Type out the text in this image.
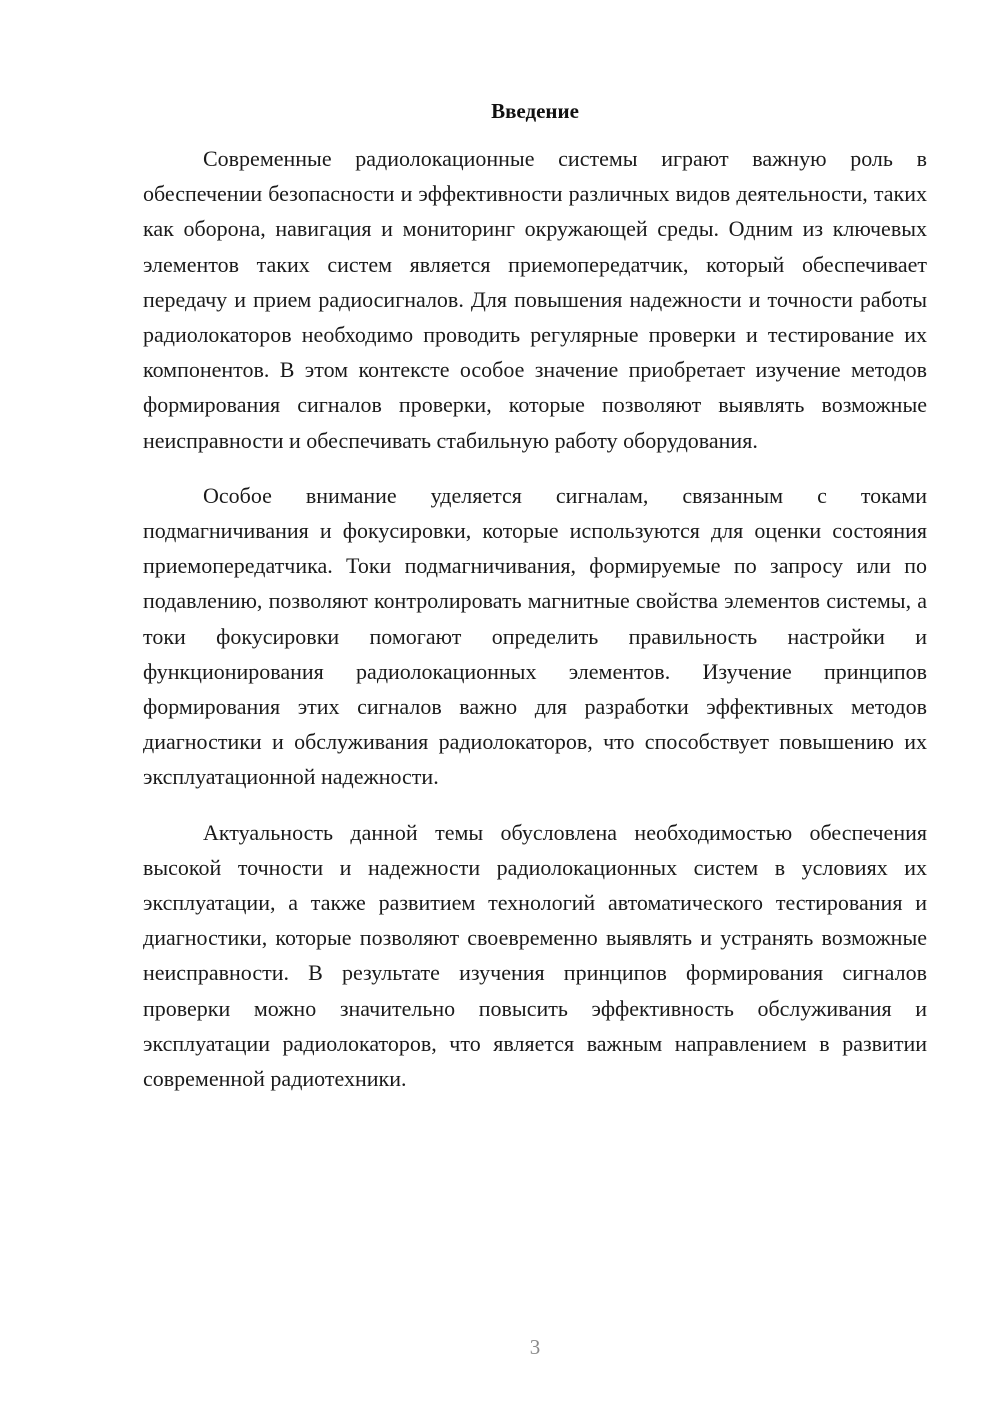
Введение

Современные радиолокационные системы играют важную роль в обеспечении безопасности и эффективности различных видов деятельности, таких как оборона, навигация и мониторинг окружающей среды. Одним из ключевых элементов таких систем является приемопередатчик, который обеспечивает передачу и прием радиосигналов. Для повышения надежности и точности работы радиолокаторов необходимо проводить регулярные проверки и тестирование их компонентов. В этом контексте особое значение приобретает изучение методов формирования сигналов проверки, которые позволяют выявлять возможные неисправности и обеспечивать стабильную работу оборудования.

Особое внимание уделяется сигналам, связанным с токами подмагничивания и фокусировки, которые используются для оценки состояния приемопередатчика. Токи подмагничивания, формируемые по запросу или по подавлению, позволяют контролировать магнитные свойства элементов системы, а токи фокусировки помогают определить правильность настройки и функционирования радиолокационных элементов. Изучение принципов формирования этих сигналов важно для разработки эффективных методов диагностики и обслуживания радиолокаторов, что способствует повышению их эксплуатационной надежности.

Актуальность данной темы обусловлена необходимостью обеспечения высокой точности и надежности радиолокационных систем в условиях их эксплуатации, а также развитием технологий автоматического тестирования и диагностики, которые позволяют своевременно выявлять и устранять возможные неисправности. В результате изучения принципов формирования сигналов проверки можно значительно повысить эффективность обслуживания и эксплуатации радиолокаторов, что является важным направлением в развитии современной радиотехники.

3
